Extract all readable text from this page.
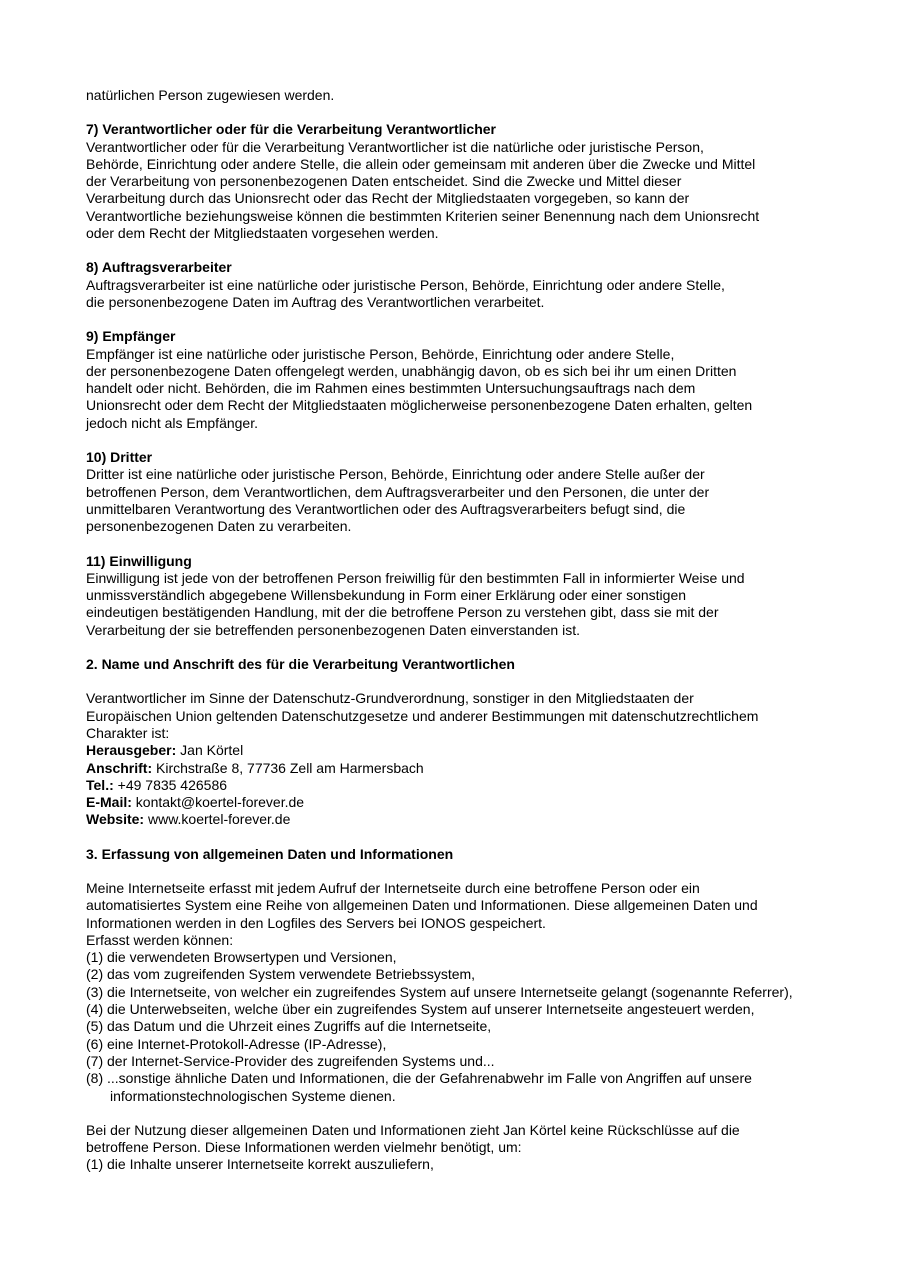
natürlichen Person zugewiesen werden.

7) Verantwortlicher oder für die Verarbeitung Verantwortlicher

Verantwortlicher oder für die Verarbeitung Verantwortlicher ist die natürliche oder juristische Person,

Behörde, Einrichtung oder andere Stelle, die allein oder gemeinsam mit anderen über die Zwecke und Mittel

der Verarbeitung von personenbezogenen Daten entscheidet. Sind die Zwecke und Mittel dieser

Verarbeitung durch das Unionsrecht oder das Recht der Mitgliedstaaten vorgegeben, so kann der

Verantwortliche beziehungsweise können die bestimmten Kriterien seiner Benennung nach dem Unionsrecht

oder dem Recht der Mitgliedstaaten vorgesehen werden.

8) Auftragsverarbeiter

Auftragsverarbeiter ist eine natürliche oder juristische Person, Behörde, Einrichtung oder andere Stelle,

die personenbezogene Daten im Auftrag des Verantwortlichen verarbeitet.

9) Empfänger

Empfänger ist eine natürliche oder juristische Person, Behörde, Einrichtung oder andere Stelle,

der personenbezogene Daten offengelegt werden, unabhängig davon, ob es sich bei ihr um einen Dritten

handelt oder nicht. Behörden, die im Rahmen eines bestimmten Untersuchungsauftrags nach dem

Unionsrecht oder dem Recht der Mitgliedstaaten möglicherweise personenbezogene Daten erhalten, gelten

jedoch nicht als Empfänger.

10) Dritter

Dritter ist eine natürliche oder juristische Person, Behörde, Einrichtung oder andere Stelle außer der

betroffenen Person, dem Verantwortlichen, dem Auftragsverarbeiter und den Personen, die unter der

unmittelbaren Verantwortung des Verantwortlichen oder des Auftragsverarbeiters befugt sind, die

personenbezogenen Daten zu verarbeiten.

11) Einwilligung

Einwilligung ist jede von der betroffenen Person freiwillig für den bestimmten Fall in informierter Weise und

unmissverständlich abgegebene Willensbekundung in Form einer Erklärung oder einer sonstigen

eindeutigen bestätigenden Handlung, mit der die betroffene Person zu verstehen gibt, dass sie mit der

Verarbeitung der sie betreffenden personenbezogenen Daten einverstanden ist.

2. Name und Anschrift des für die Verarbeitung Verantwortlichen

Verantwortlicher im Sinne der Datenschutz-Grundverordnung, sonstiger in den Mitgliedstaaten der

Europäischen Union geltenden Datenschutzgesetze und anderer Bestimmungen mit datenschutzrechtlichem

Charakter ist:

Herausgeber: Jan Körtel

Anschrift: Kirchstraße 8, 77736 Zell am Harmersbach

Tel.: +49 7835 426586

E-Mail: kontakt@koertel-forever.de

Website: www.koertel-forever.de

3. Erfassung von allgemeinen Daten und Informationen

Meine Internetseite erfasst mit jedem Aufruf der Internetseite durch eine betroffene Person oder ein

automatisiertes System eine Reihe von allgemeinen Daten und Informationen. Diese allgemeinen Daten und

Informationen werden in den Logfiles des Servers bei IONOS gespeichert.

Erfasst werden können:

(1) die verwendeten Browsertypen und Versionen,

(2) das vom zugreifenden System verwendete Betriebssystem,

(3) die Internetseite, von welcher ein zugreifendes System auf unsere Internetseite gelangt (sogenannte Referrer),

(4) die Unterwebseiten, welche über ein zugreifendes System auf unserer Internetseite angesteuert werden,

(5) das Datum und die Uhrzeit eines Zugriffs auf die Internetseite,

(6) eine Internet-Protokoll-Adresse (IP-Adresse),

(7) der Internet-Service-Provider des zugreifenden Systems und...

(8) ...sonstige ähnliche Daten und Informationen, die der Gefahrenabwehr im Falle von Angriffen auf unsere informationstechnologischen Systeme dienen.

Bei der Nutzung dieser allgemeinen Daten und Informationen zieht Jan Körtel keine Rückschlüsse auf die

betroffene Person. Diese Informationen werden vielmehr benötigt, um:

(1) die Inhalte unserer Internetseite korrekt auszuliefern,
